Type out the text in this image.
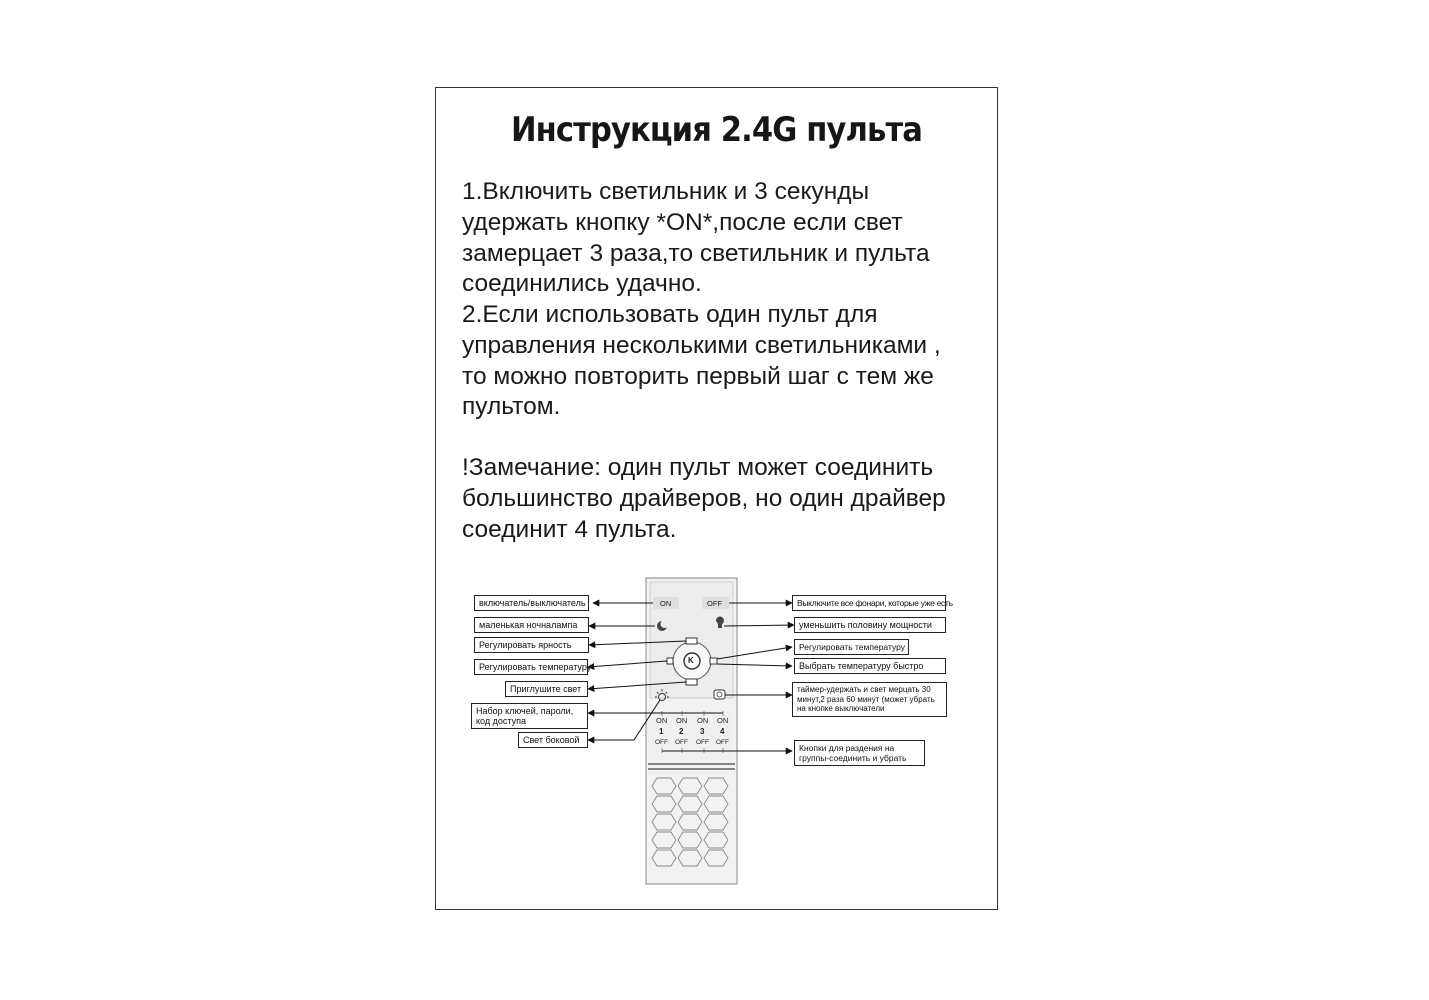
Инструкция 2.4G пульта

1.Включить светильник и 3 секунды
удержать кнопку *ON*,после если свет
замерцает 3 раза,то светильник и пульта
соединились удачно.

2.Если использовать один пульт для
управления несколькими светильниками ,
то можно повторить первый шаг с тем же
пультом.

!Замечание: один пульт может соединить
большинство драйверов, но один драйвер
соединит 4 пульта.

ON	OFF
K
ON ON ON ON
1 2 3 4
OFF OFF OFF OFF
включатель/выключатель
маленькая ночналампа
Регулировать ярность
Регулировать температуру
Приглушите свет
Набор ключей, пароли, код доступа
Свет боковой
Выключите все фонари, которые уже есть
уменьшить половину мощности
Регулировать температуру
Выбрать температуру быстро
таймер-удержать и свет мерцать 30 минут,2 раза 60 минут (может убрать на кнопке выключатели
Кнопки для раздения на группы-соединить и убрать
